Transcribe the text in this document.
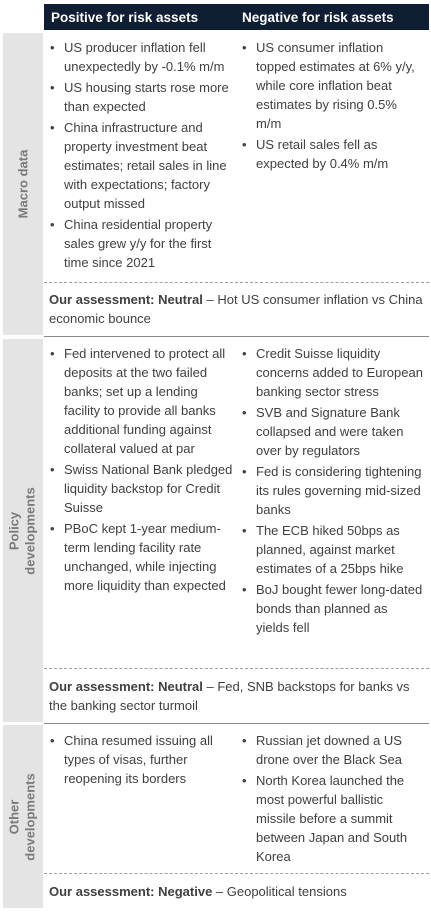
Positive for risk assets	Negative for risk assets
Macro data
Policy developments
Other developments
• US producer inflation fell unexpectedly by -0.1% m/m
• US housing starts rose more than expected
• China infrastructure and property investment beat estimates; retail sales in line with expectations; factory output missed
• China residential property sales grew y/y for the first time since 2021
• US consumer inflation topped estimates at 6% y/y, while core inflation beat estimates by rising 0.5% m/m
• US retail sales fell as expected by 0.4% m/m
Our assessment: Neutral – Hot US consumer inflation vs China economic bounce
• Fed intervened to protect all deposits at the two failed banks; set up a lending facility to provide all banks additional funding against collateral valued at par
• Swiss National Bank pledged liquidity backstop for Credit Suisse
• PBoC kept 1-year medium-term lending facility rate unchanged, while injecting more liquidity than expected
• Credit Suisse liquidity concerns added to European banking sector stress
• SVB and Signature Bank collapsed and were taken over by regulators
• Fed is considering tightening its rules governing mid-sized banks
• The ECB hiked 50bps as planned, against market estimates of a 25bps hike
• BoJ bought fewer long-dated bonds than planned as yields fell
Our assessment: Neutral – Fed, SNB backstops for banks vs the banking sector turmoil
• China resumed issuing all types of visas, further reopening its borders
• Russian jet downed a US drone over the Black Sea
• North Korea launched the most powerful ballistic missile before a summit between Japan and South Korea
Our assessment: Negative – Geopolitical tensions
